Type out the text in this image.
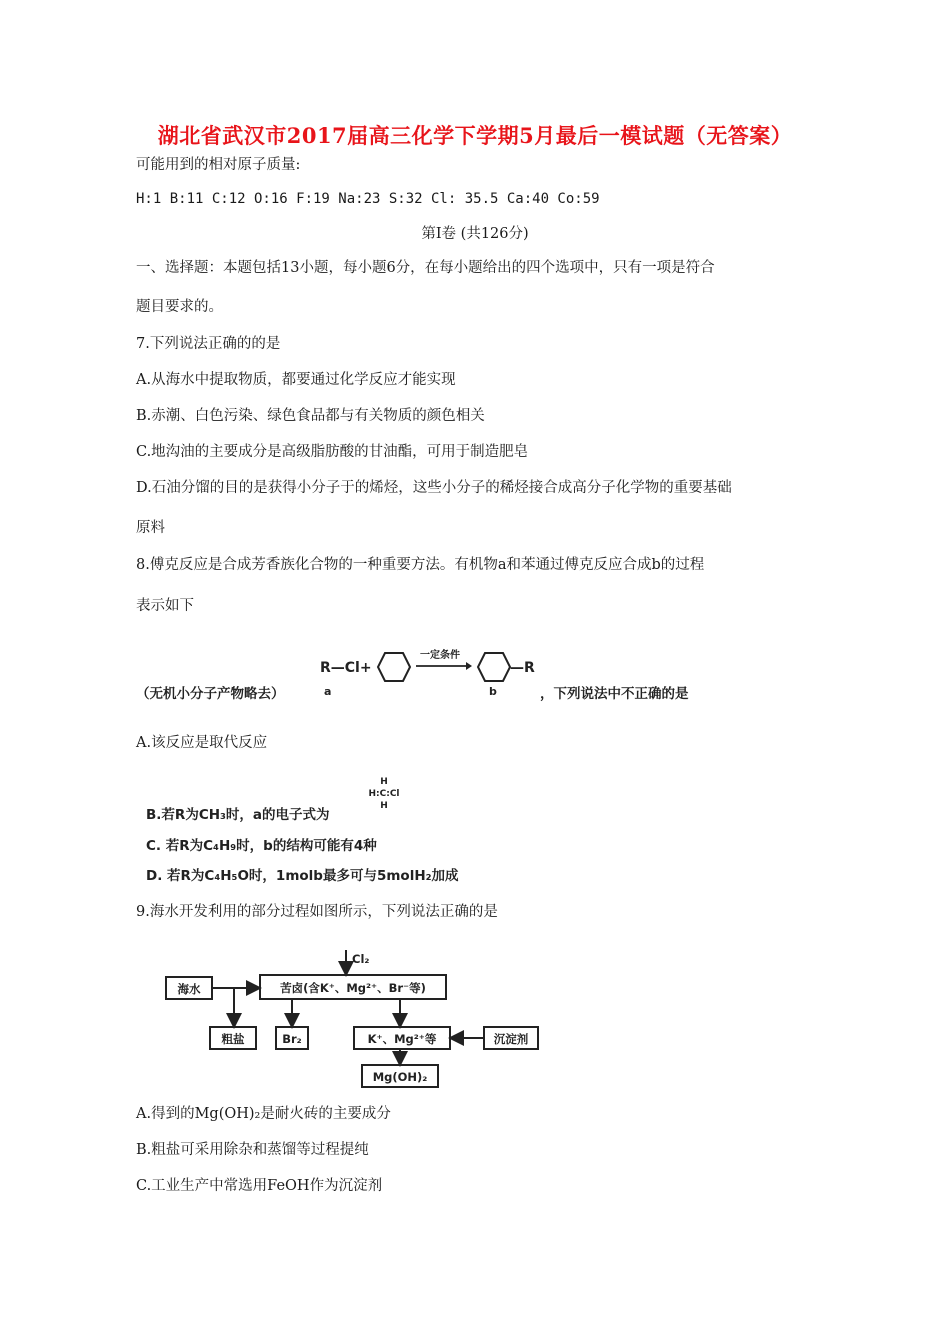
湖北省武汉市2017届高三化学下学期5月最后一模试题（无答案）
可能用到的相对原子质量:
H:1 B:11 C:12 O:16 F:19 Na:23 S:32 Cl: 35.5 Ca:40 Co:59
第Ⅰ卷 (共126分)
一、选择题：本题包括13小题，每小题6分，在每小题给出的四个选项中，只有一项是符合
题目要求的。
7.下列说法正确的的是
A.从海水中提取物质，都要通过化学反应才能实现
B.赤潮、白色污染、绿色食品都与有关物质的颜色相关
C.地沟油的主要成分是高级脂肪酸的甘油酯，可用于制造肥皂
D.石油分馏的目的是获得小分子于的烯烃，这些小分子的稀烃接合成高分子化学物的重要基础
原料
8.傅克反应是合成芳香族化合物的一种重要方法。有机物a和苯通过傅克反应合成b的过程
表示如下
R—Cl+
一定条件
—R
a	b
（无机小分子产物略去）	，下列说法中不正确的是
A.该反应是取代反应
B.若R为CH₃时，a的电子式为
H
H:C:Cl
H
C. 若R为C₄H₉时，b的结构可能有4种
D. 若R为C₄H₅O时，1molb最多可与5molH₂加成
9.海水开发利用的部分过程如图所示，下列说法正确的是
Cl₂
海水	苦卤(含K⁺、Mg²⁺、Br⁻等)
粗盐	Br₂	K⁺、Mg²⁺等	沉淀剂
Mg(OH)₂
A.得到的Mg(OH)₂是耐火砖的主要成分
B.粗盐可采用除杂和蒸馏等过程提纯
C.工业生产中常选用FeOH作为沉淀剂
